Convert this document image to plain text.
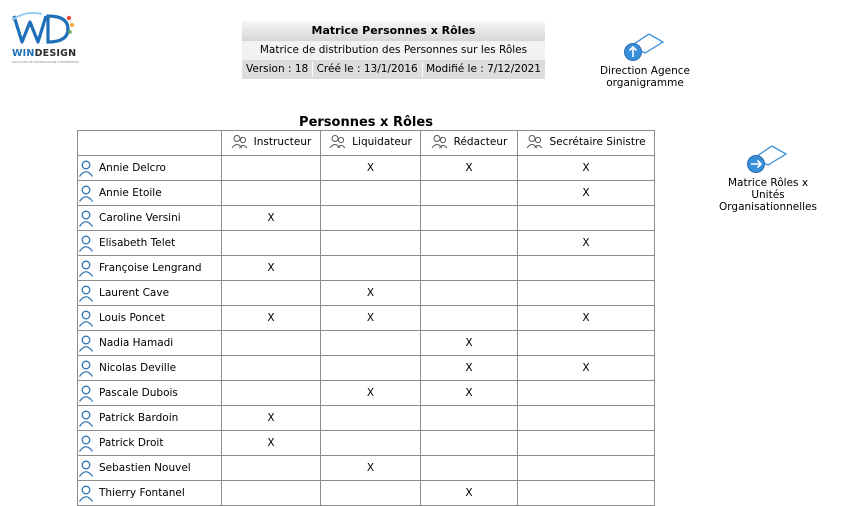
WINDESIGN
SOLUTION DE MODELISATION D'ENTREPRISE
Matrice Personnes x Rôles
Matrice de distribution des Personnes sur les Rôles
Version : 18 Créé le : 13/1/2016 Modifié le : 7/12/2021	Direction Agence organigramme
Matrice Rôles x Unités
Organisationnelles
Personnes x Rôles

	Instructeur	Liquidateur	Rédacteur	Secrétaire Sinistre

Annie Delcro		X	X	X

Annie Etoile				X

Caroline Versini	X			

Elisabeth Telet				X

Françoise Lengrand	X			

Laurent Cave		X		

Louis Poncet	X	X		X

Nadia Hamadi			X	

Nicolas Deville			X	X

Pascale Dubois		X	X	

Patrick Bardoin	X			

Patrick Droit	X			

Sebastien Nouvel		X		

Thierry Fontanel			X	
